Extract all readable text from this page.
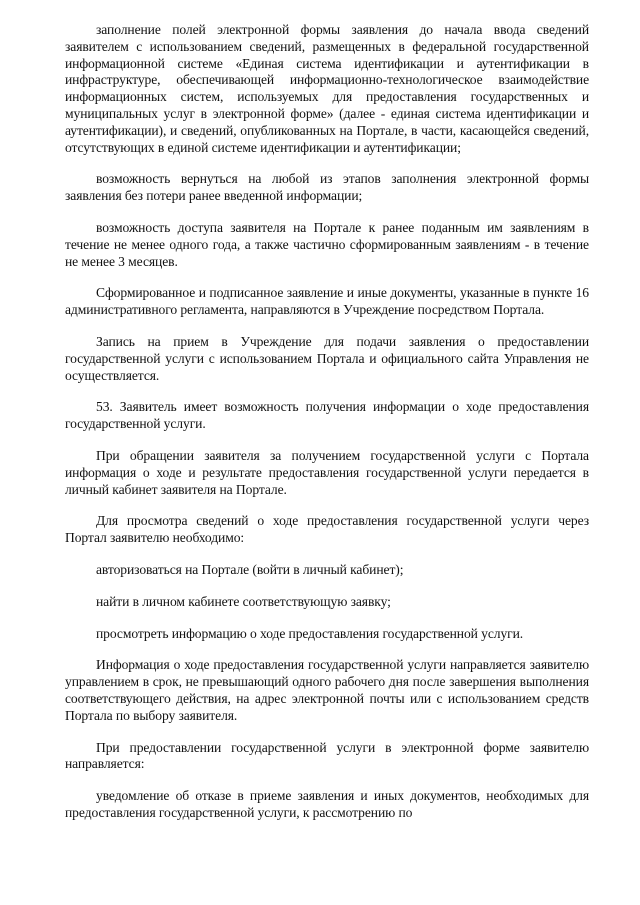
заполнение полей электронной формы заявления до начала ввода сведений заявителем с использованием сведений, размещенных в федеральной государственной информационной системе «Единая система идентификации и аутентификации в инфраструктуре, обеспечивающей информационно-технологическое взаимодействие информационных систем, используемых для предоставления государственных и муниципальных услуг в электронной форме» (далее - единая система идентификации и аутентификации), и сведений, опубликованных на Портале, в части, касающейся сведений, отсутствующих в единой системе идентификации и аутентификации;

возможность вернуться на любой из этапов заполнения электронной формы заявления без потери ранее введенной информации;

возможность доступа заявителя на Портале к ранее поданным им заявлениям в течение не менее одного года, а также частично сформированным заявлениям - в течение не менее 3 месяцев.

Сформированное и подписанное заявление и иные документы, указанные в пункте 16 административного регламента, направляются в Учреждение посредством Портала.

Запись на прием в Учреждение для подачи заявления о предоставлении государственной услуги с использованием Портала и официального сайта Управления не осуществляется.

53. Заявитель имеет возможность получения информации о ходе предоставления государственной услуги.

При обращении заявителя за получением государственной услуги с Портала информация о ходе и результате предоставления государственной услуги передается в личный кабинет заявителя на Портале.

Для просмотра сведений о ходе предоставления государственной услуги через Портал заявителю необходимо:

авторизоваться на Портале (войти в личный кабинет);

найти в личном кабинете соответствующую заявку;

просмотреть информацию о ходе предоставления государственной услуги.

Информация о ходе предоставления государственной услуги направляется заявителю управлением в срок, не превышающий одного рабочего дня после завершения выполнения соответствующего действия, на адрес электронной почты или с использованием средств Портала по выбору заявителя.

При предоставлении государственной услуги в электронной форме заявителю направляется:

уведомление об отказе в приеме заявления и иных документов, необходимых для предоставления государственной услуги, к рассмотрению по
